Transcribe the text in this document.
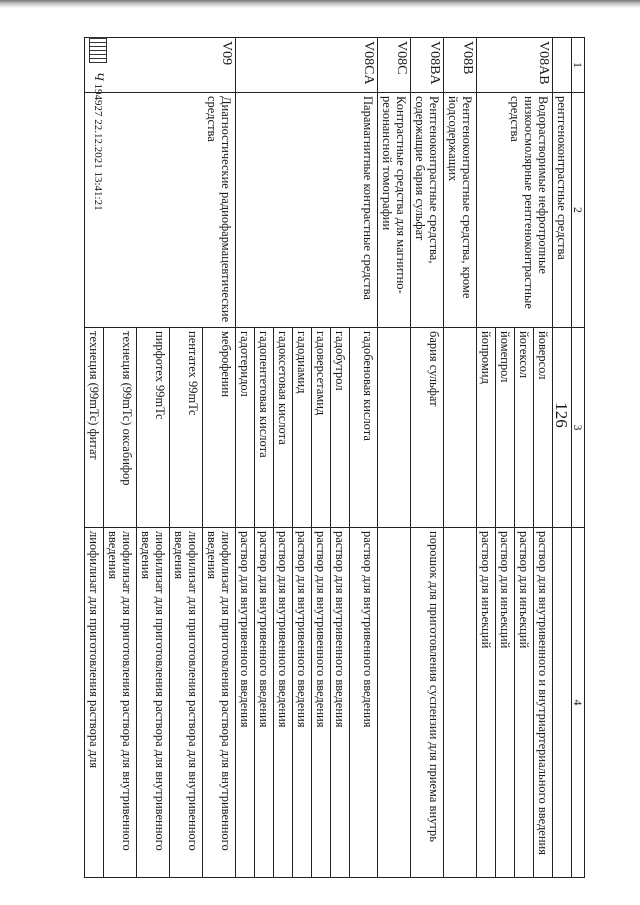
126
1	2	3	4
	рентгеноконтрастные средства		
V08AB	Водорастворимые нефротропные низкоосмолярные рентгеноконтрастные средства	йоверсол	раствор для внутривенного и внутриартериального введения
		йогексол	раствор для инъекций
		йомепрол	раствор для инъекций
		йопромид	раствор для инъекций
V08B	Рентгеноконтрастные средства, кроме йодсодержащих		
V08BA	Рентгеноконтрастные средства, содержащие бария сульфат	бария сульфат	порошок для приготовления суспензии для приема внутрь
V08C	Контрастные средства для магнитно-резонансной томографии		
V08CA	Парамагнитные контрастные средства	гадобеновая кислота	раствор для внутривенного введения
		гадобутрол	раствор для внутривенного введения
		гадоверсетамид	раствор для внутривенного введения
		гадодиамид	раствор для внутривенного введения
		гадоксетовая кислота	раствор для внутривенного введения
		гадопентетовая кислота	раствор для внутривенного введения
		гадотеридол	раствор для внутривенного введения
V09	Диагностические радиофармацевтические средства	меброфенин	лиофилизат для приготовления раствора для внутривенного введения
		пентатех 99mTc	лиофилизат для приготовления раствора для внутривенного введения
		пирфотех 99mTc	лиофилизат для приготовления раствора для внутривенного введения
		технеция (99mTc) оксабифор	лиофилизат для приготовления раствора для внутривенного введения
		технеция (99mTc) фитат	лиофилизат для приготовления раствора для
Ч 194927 22.12.2021 13:41:21
